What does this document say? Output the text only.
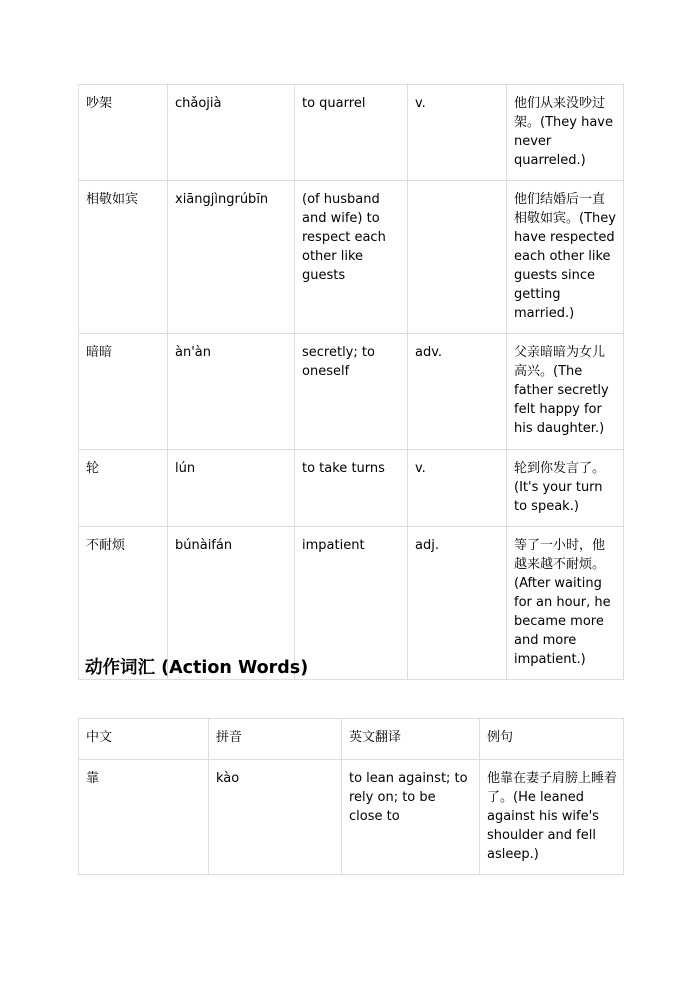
吵架	chǎojià	to quarrel	v.	他们从来没吵过架。(They have never quarreled.)
相敬如宾	xiāngjìngrúbīn	(of husband and wife) to respect each other like guests		他们结婚后一直相敬如宾。(They have respected each other like guests since getting married.)
暗暗	àn'àn	secretly; to oneself	adv.	父亲暗暗为女儿高兴。(The father secretly felt happy for his daughter.)
轮	lún	to take turns	v.	轮到你发言了。(It's your turn to speak.)
不耐烦	búnàifán	impatient	adj.	等了一小时，他越来越不耐烦。(After waiting for an hour, he became more and more impatient.)
动作词汇 (Action Words)
中文	拼音	英文翻译	例句
靠	kào	to lean against; to rely on; to be close to	他靠在妻子肩膀上睡着了。(He leaned against his wife's shoulder and fell asleep.)
